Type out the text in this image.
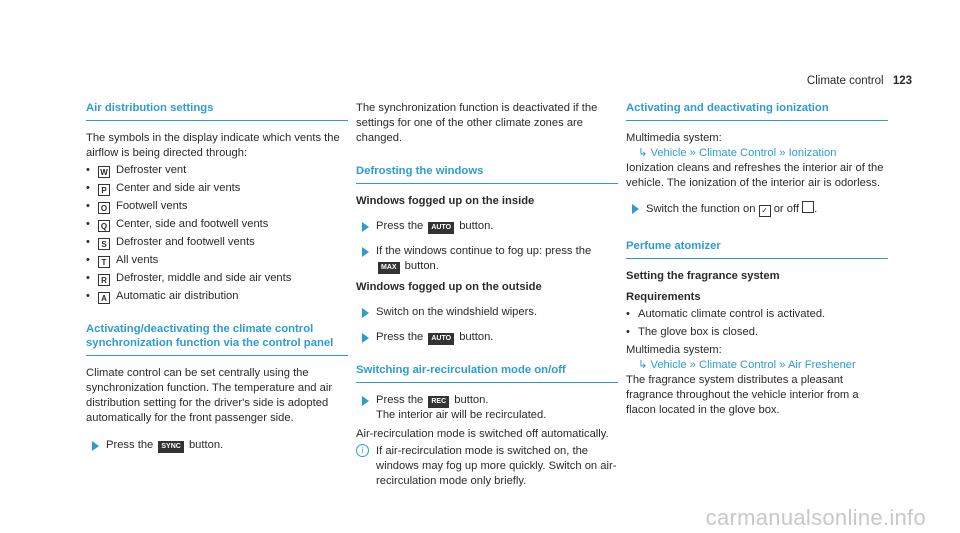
Climate control 123
Air distribution settings

The symbols in the display indicate which vents the airflow is being directed through:

• W Defroster vent
• P Center and side air vents
• O Footwell vents
• Q Center, side and footwell vents
• S Defroster and footwell vents
• T All vents
• R Defroster, middle and side air vents
• A Automatic air distribution
Activating/deactivating the climate control synchronization function via the control panel

Climate control can be set centrally using the synchronization function. The temperature and air distribution setting for the driver's side is adopted automatically for the front passenger side.

Press the SYNC button.

The synchronization function is deactivated if the settings for one of the other climate zones are changed.

Defrosting the windows
Windows fogged up on the inside
Press the AUTO button.
If the windows continue to fog up: press the
MAX button.
Windows fogged up on the outside
Switch on the windshield wipers.
Press the AUTO button.
Switching air-recirculation mode on/off
Press the REC button.
The interior air will be recirculated.

Air-recirculation mode is switched off automatically.

i	If air-recirculation mode is switched on, the windows may fog up more quickly. Switch on air-recirculation mode only briefly.
Activating and deactivating ionization

Multimedia system:

↳ Vehicle » Climate Control » Ionization

Ionization cleans and refreshes the interior air of the vehicle. The ionization of the interior air is odorless.

Switch the function on ✓ or off .
Perfume atomizer
Setting the fragrance system
Requirements
• Automatic climate control is activated.
• The glove box is closed.

Multimedia system:

↳ Vehicle » Climate Control » Air Freshener

The fragrance system distributes a pleasant fragrance throughout the vehicle interior from a flacon located in the glove box.

carmanualsonline.info
